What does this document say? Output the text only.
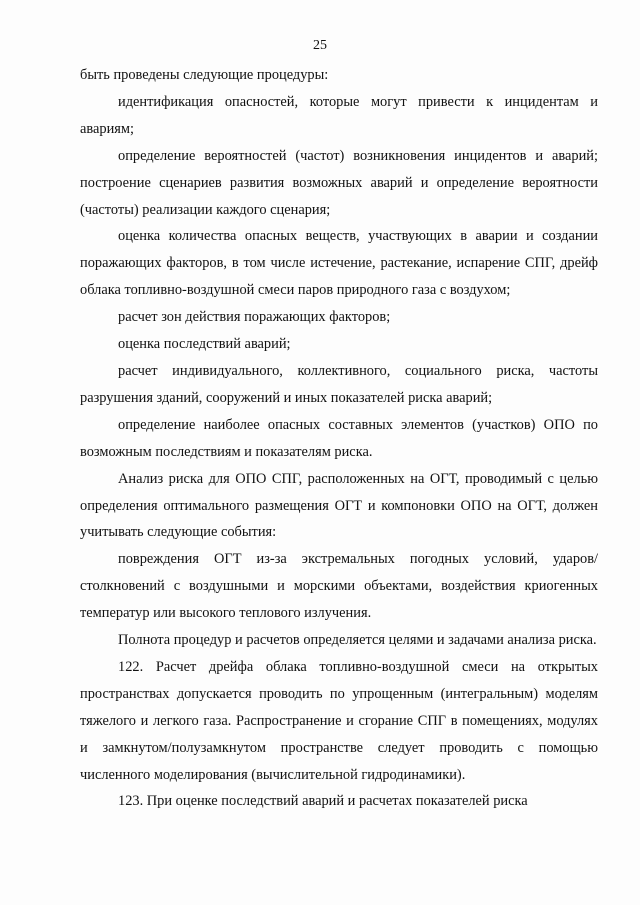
25

быть проведены следующие процедуры:

идентификация опасностей, которые могут привести к инцидентам и авариям;

определение вероятностей (частот) возникновения инцидентов и аварий; построение сценариев развития возможных аварий и определение вероятности (частоты) реализации каждого сценария;

оценка количества опасных веществ, участвующих в аварии и создании поражающих факторов, в том числе истечение, растекание, испарение СПГ, дрейф облака топливно-воздушной смеси паров природного газа с воздухом;

расчет зон действия поражающих факторов;

оценка последствий аварий;

расчет индивидуального, коллективного, социального риска, частоты разрушения зданий, сооружений и иных показателей риска аварий;

определение наиболее опасных составных элементов (участков) ОПО по возможным последствиям и показателям риска.

Анализ риска для ОПО СПГ, расположенных на ОГТ, проводимый с целью определения оптимального размещения ОГТ и компоновки ОПО на ОГТ, должен учитывать следующие события:

повреждения ОГТ из-за экстремальных погодных условий, ударов/столкновений с воздушными и морскими объектами, воздействия криогенных температур или высокого теплового излучения.

Полнота процедур и расчетов определяется целями и задачами анализа риска.

122. Расчет дрейфа облака топливно-воздушной смеси на открытых пространствах допускается проводить по упрощенным (интегральным) моделям тяжелого и легкого газа. Распространение и сгорание СПГ в помещениях, модулях и замкнутом/полузамкнутом пространстве следует проводить с помощью численного моделирования (вычислительной гидродинамики).

123. При оценке последствий аварий и расчетах показателей риска
